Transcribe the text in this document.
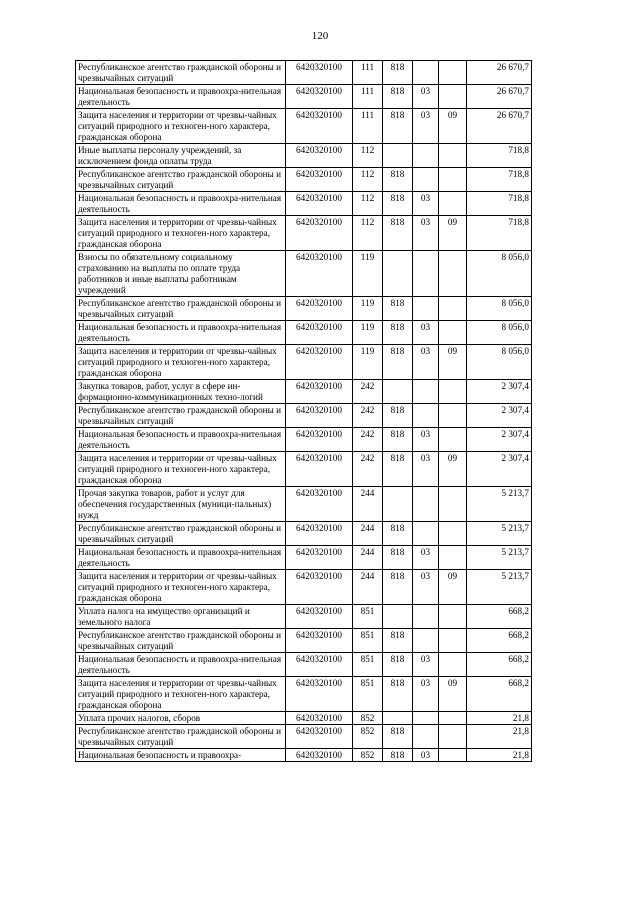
120
Республиканское агентство гражданской обороны и чрезвычайных ситуаций	6420320100	111	818			26 670,7
Национальная безопасность и правоохра-нительная деятельность	6420320100	111	818	03		26 670,7
Защита населения и территории от чрезвы-чайных ситуаций природного и техноген-ного характера, гражданская оборона	6420320100	111	818	03	09	26 670,7
Иные выплаты персоналу учреждений, за исключением фонда оплаты труда	6420320100	112				718,8
Республиканское агентство гражданской обороны и чрезвычайных ситуаций	6420320100	112	818			718,8
Национальная безопасность и правоохра-нительная деятельность	6420320100	112	818	03		718,8
Защита населения и территории от чрезвы-чайных ситуаций природного и техноген-ного характера, гражданская оборона	6420320100	112	818	03	09	718,8
Взносы по обязательному социальному страхованию на выплаты по оплате труда работников и иные выплаты работникам учреждений	6420320100	119				8 056,0
Республиканское агентство гражданской обороны и чрезвычайных ситуаций	6420320100	119	818			8 056,0
Национальная безопасность и правоохра-нительная деятельность	6420320100	119	818	03		8 056,0
Защита населения и территории от чрезвы-чайных ситуаций природного и техноген-ного характера, гражданская оборона	6420320100	119	818	03	09	8 056,0
Закупка товаров, работ, услуг в сфере ин-формационно-коммуникационных техно-логий	6420320100	242				2 307,4
Республиканское агентство гражданской обороны и чрезвычайных ситуаций	6420320100	242	818			2 307,4
Национальная безопасность и правоохра-нительная деятельность	6420320100	242	818	03		2 307,4
Защита населения и территории от чрезвы-чайных ситуаций природного и техноген-ного характера, гражданская оборона	6420320100	242	818	03	09	2 307,4
Прочая закупка товаров, работ и услуг для обеспечения государственных (муници-пальных) нужд	6420320100	244				5 213,7
Республиканское агентство гражданской обороны и чрезвычайных ситуаций	6420320100	244	818			5 213,7
Национальная безопасность и правоохра-нительная деятельность	6420320100	244	818	03		5 213,7
Защита населения и территории от чрезвы-чайных ситуаций природного и техноген-ного характера, гражданская оборона	6420320100	244	818	03	09	5 213,7
Уплата налога на имущество организаций и земельного налога	6420320100	851				668,2
Республиканское агентство гражданской обороны и чрезвычайных ситуаций	6420320100	851	818			668,2
Национальная безопасность и правоохра-нительная деятельность	6420320100	851	818	03		668,2
Защита населения и территории от чрезвы-чайных ситуаций природного и техноген-ного характера, гражданская оборона	6420320100	851	818	03	09	668,2
Уплата прочих налогов, сборов	6420320100	852				21,8
Республиканское агентство гражданской обороны и чрезвычайных ситуаций	6420320100	852	818			21,8
Национальная безопасность и правоохра-	6420320100	852	818	03		21,8
